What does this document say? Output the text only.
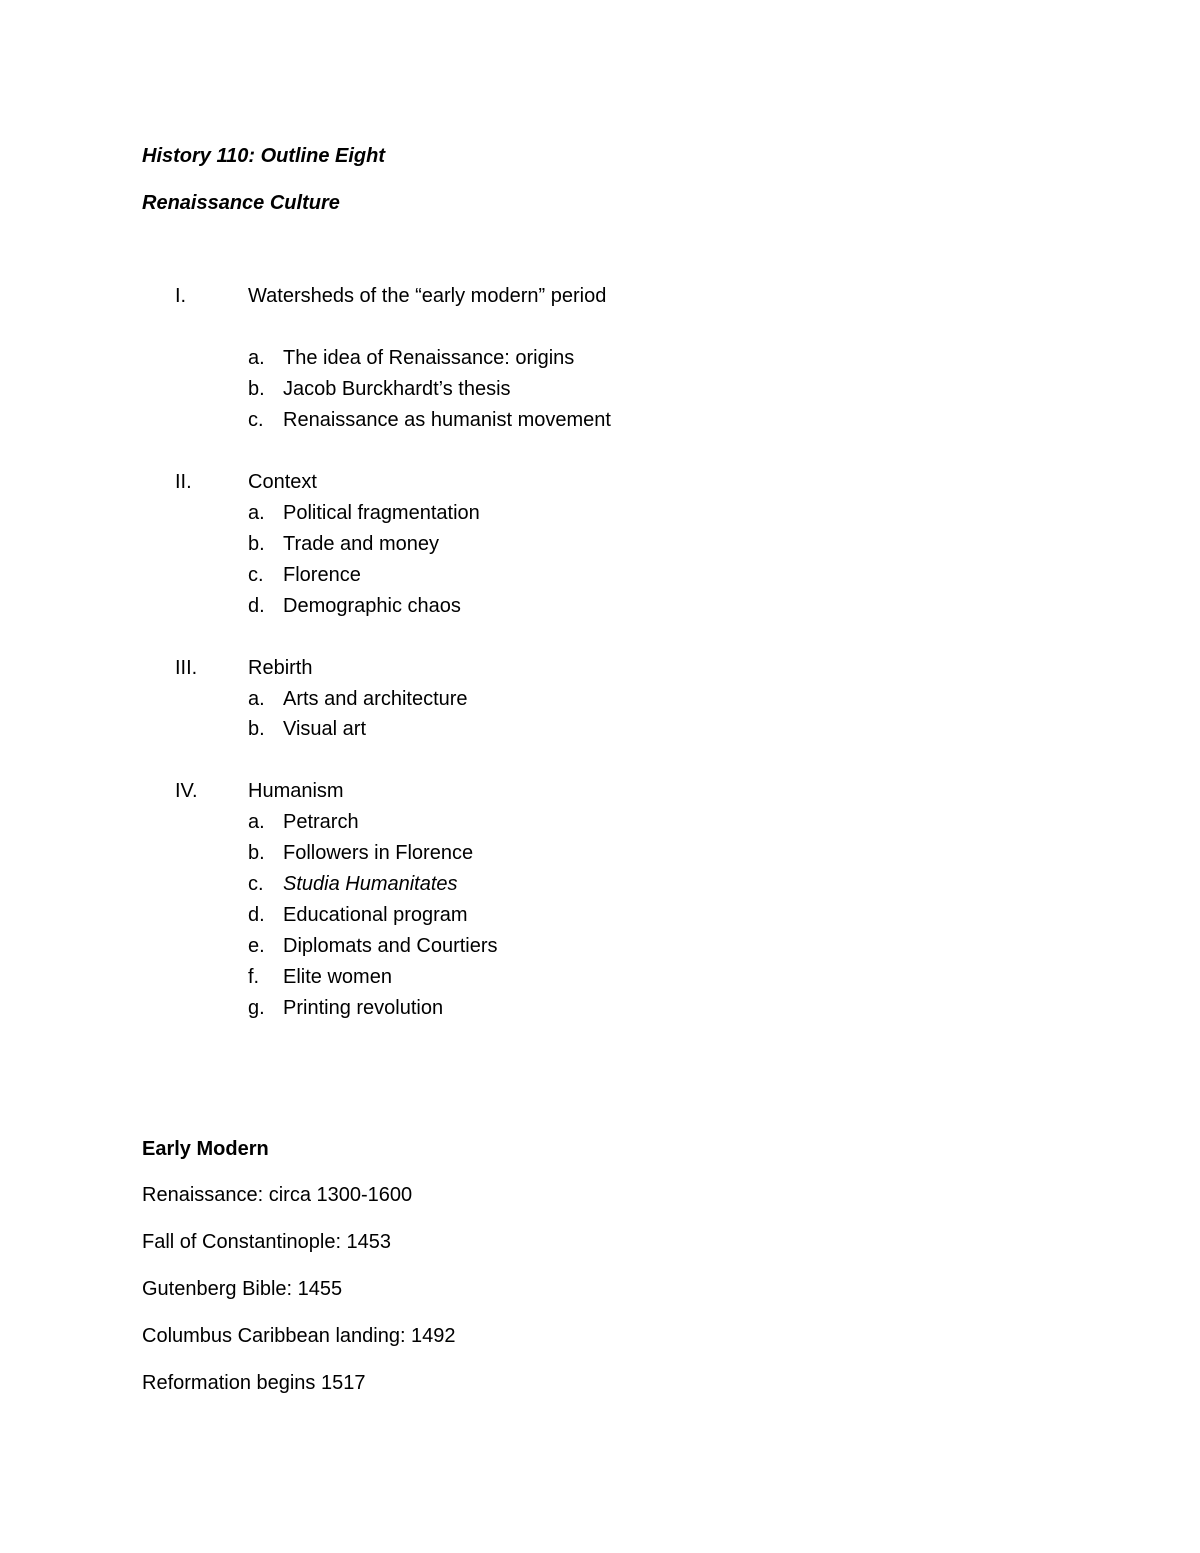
History 110: Outline Eight
Renaissance Culture
I.	Watersheds of the “early modern” period
a. The idea of Renaissance: origins
b. Jacob Burckhardt’s thesis
c. Renaissance as humanist movement
II.	Context
a. Political fragmentation
b. Trade and money
c. Florence
d. Demographic chaos
III.	Rebirth
a. Arts and architecture
b. Visual art
IV.	Humanism
a. Petrarch
b. Followers in Florence
c. Studia Humanitates
d. Educational program
e. Diplomats and Courtiers
f. Elite women
g. Printing revolution
Early Modern
Renaissance: circa 1300-1600
Fall of Constantinople: 1453
Gutenberg Bible: 1455
Columbus Caribbean landing: 1492
Reformation begins 1517
